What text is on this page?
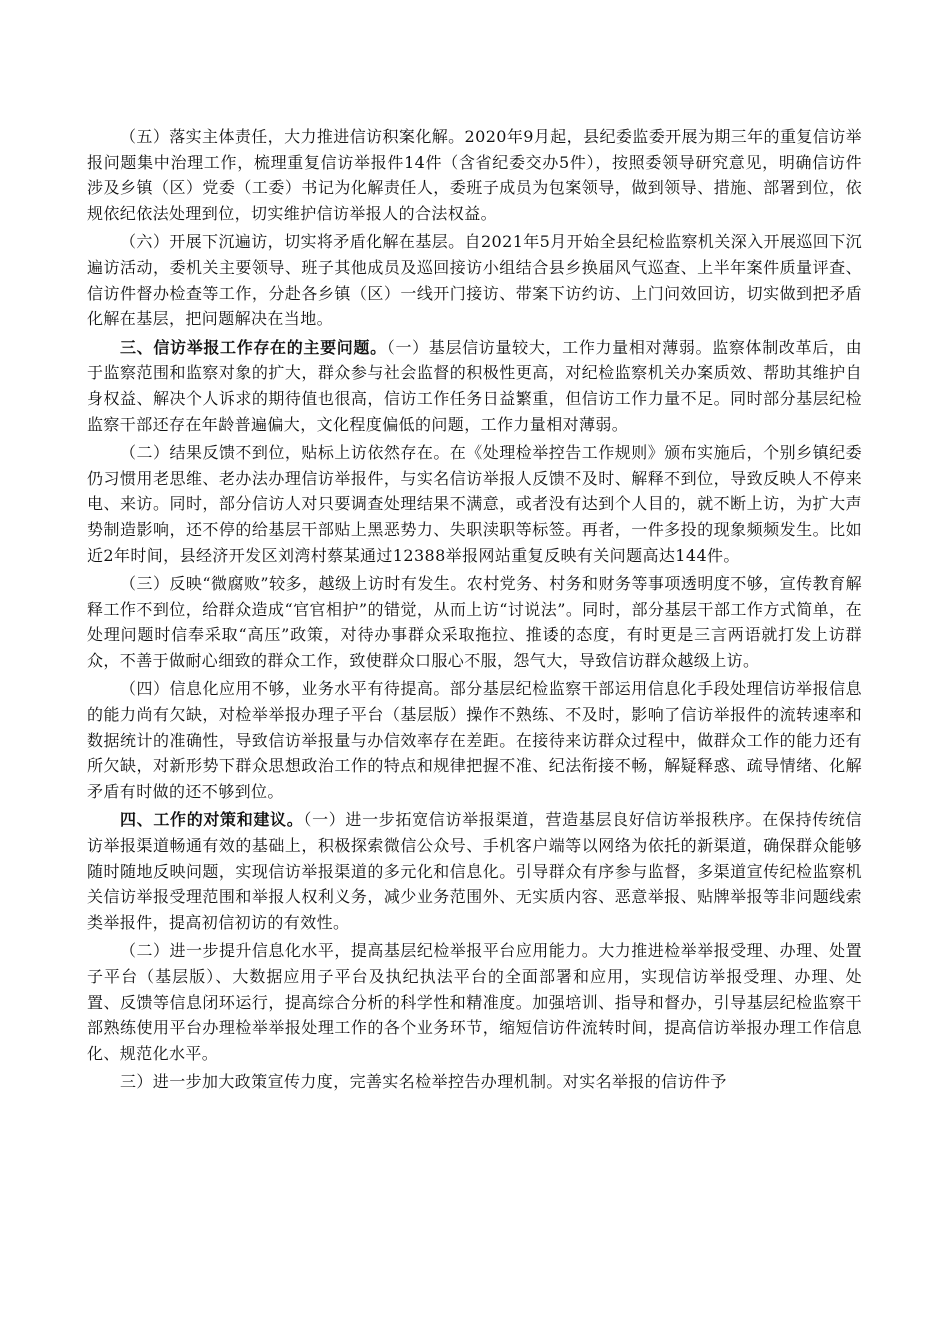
（五）落实主体责任，大力推进信访积案化解。2020年9月起，县纪委监委开展为期三年的重复信访举报问题集中治理工作，梳理重复信访举报件14件（含省纪委交办5件），按照委领导研究意见，明确信访件涉及乡镇（区）党委（工委）书记为化解责任人，委班子成员为包案领导，做到领导、措施、部署到位，依规依纪依法处理到位，切实维护信访举报人的合法权益。

（六）开展下沉遍访，切实将矛盾化解在基层。自2021年5月开始全县纪检监察机关深入开展巡回下沉遍访活动，委机关主要领导、班子其他成员及巡回接访小组结合县乡换届风气巡查、上半年案件质量评查、信访件督办检查等工作，分赴各乡镇（区）一线开门接访、带案下访约访、上门问效回访，切实做到把矛盾化解在基层，把问题解决在当地。

三、信访举报工作存在的主要问题。（一）基层信访量较大，工作力量相对薄弱。监察体制改革后，由于监察范围和监察对象的扩大，群众参与社会监督的积极性更高，对纪检监察机关办案质效、帮助其维护自身权益、解决个人诉求的期待值也很高，信访工作任务日益繁重，但信访工作力量不足。同时部分基层纪检监察干部还存在年龄普遍偏大，文化程度偏低的问题，工作力量相对薄弱。

（二）结果反馈不到位，贴标上访依然存在。在《处理检举控告工作规则》颁布实施后，个别乡镇纪委仍习惯用老思维、老办法办理信访举报件，与实名信访举报人反馈不及时、解释不到位，导致反映人不停来电、来访。同时，部分信访人对只要调查处理结果不满意，或者没有达到个人目的，就不断上访，为扩大声势制造影响，还不停的给基层干部贴上黑恶势力、失职渎职等标签。再者，一件多投的现象频频发生。比如近2年时间，县经济开发区刘湾村蔡某通过12388举报网站重复反映有关问题高达144件。

（三）反映“微腐败”较多，越级上访时有发生。农村党务、村务和财务等事项透明度不够，宣传教育解释工作不到位，给群众造成“官官相护”的错觉，从而上访“讨说法”。同时，部分基层干部工作方式简单，在处理问题时信奉采取“高压”政策，对待办事群众采取拖拉、推诿的态度，有时更是三言两语就打发上访群众，不善于做耐心细致的群众工作，致使群众口服心不服，怨气大，导致信访群众越级上访。

（四）信息化应用不够，业务水平有待提高。部分基层纪检监察干部运用信息化手段处理信访举报信息的能力尚有欠缺，对检举举报办理子平台（基层版）操作不熟练、不及时，影响了信访举报件的流转速率和数据统计的准确性，导致信访举报量与办信效率存在差距。在接待来访群众过程中，做群众工作的能力还有所欠缺，对新形势下群众思想政治工作的特点和规律把握不准、纪法衔接不畅，解疑释惑、疏导情绪、化解矛盾有时做的还不够到位。

四、工作的对策和建议。（一）进一步拓宽信访举报渠道，营造基层良好信访举报秩序。在保持传统信访举报渠道畅通有效的基础上，积极探索微信公众号、手机客户端等以网络为依托的新渠道，确保群众能够随时随地反映问题，实现信访举报渠道的多元化和信息化。引导群众有序参与监督，多渠道宣传纪检监察机关信访举报受理范围和举报人权利义务，减少业务范围外、无实质内容、恶意举报、贴牌举报等非问题线索类举报件，提高初信初访的有效性。

（二）进一步提升信息化水平，提高基层纪检举报平台应用能力。大力推进检举举报受理、办理、处置子平台（基层版）、大数据应用子平台及执纪执法平台的全面部署和应用，实现信访举报受理、办理、处置、反馈等信息闭环运行，提高综合分析的科学性和精准度。加强培训、指导和督办，引导基层纪检监察干部熟练使用平台办理检举举报处理工作的各个业务环节，缩短信访件流转时间，提高信访举报办理工作信息化、规范化水平。

三）进一步加大政策宣传力度，完善实名检举控告办理机制。对实名举报的信访件予
